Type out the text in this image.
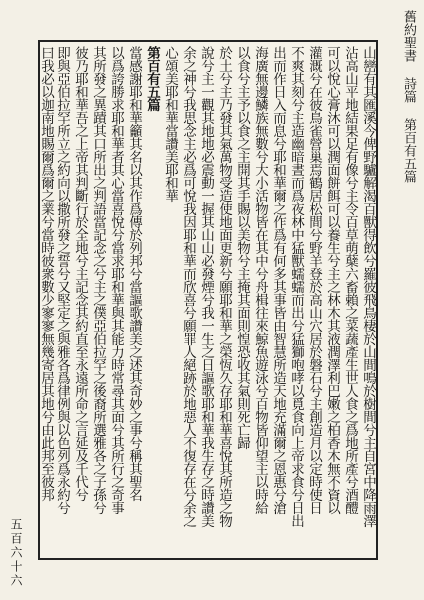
五百六十六
山巒有其匯溪今俾野驢解渴百獸得飲兮羅彼飛鳥棲於山間鳴於樹間兮主自宮中降雨澤
沾高山平地結果足有像兮主令百草萌蘖六畜賴之菜蔬產生世人食之爲地所產兮酒醴
可以悅心膏沐可以潤面餅餌可以養生兮主之林木其液潤澤利巴嫩之柏香木無不資以
灌溉兮在彼鳥雀營巢焉鶴居松間兮野羊登於高山穴居於磐石兮主創造月以定時使日
不爽其刻兮主造幽暗晝而爲夜林中猛獸蠕蠕而出兮猛獅咆哮以覓食向上帝求食兮日出
出而作日入而息兮耶和華爾之作爲有何多其事皆由智慧所造天地充滿爾之恩惠兮滄
海廣無邊鱗族無數兮大小活物皆在其中兮舟楫往來鯨魚遊泳兮百物皆仰望主以時給
以食兮主予以食之主開其手賜以美物兮主掩其面則惶恐收其氣則死亡歸
於土兮主乃發其氣萬物受造使地面更新兮願耶和華之榮恆久存耶和華喜悅其所造之物
說兮主一觀其地地必震動一握其山山必發煙兮我一生之日謳歌耶和華我生存之時讚美
余之神兮我思念主必爲可悅我因耶和華而欣喜兮願罪人絕跡於地惡人不復存在兮余之
心頌美耶和華當讚美耶和華
第百有五篇
當感謝耶和華籲其名以其作爲傳於列邦兮當謳歌讚美之述其奇妙之事兮稱其聖名
以爲誇勝求耶和華者其心當喜悅兮當求耶和華與其能力時常尋其面兮其所行之奇事
其所發之異蹟其口所出之判語當記念之兮主之僕亞伯拉罕之後裔所選雅各之子孫兮
彼乃耶和華吾之上帝其判斷行於全地兮主記念其約直至永遠所命之言延及千代兮
即與亞伯拉罕所立之約向以撒所發之誓兮又堅定之與雅各爲律例與以色列爲永約兮
曰我必以迦南地賜爾爲爾之業兮當時彼衆數少寥寥無幾寄居其地兮由此邦至彼邦
舊約聖書 詩篇 第百有五篇
